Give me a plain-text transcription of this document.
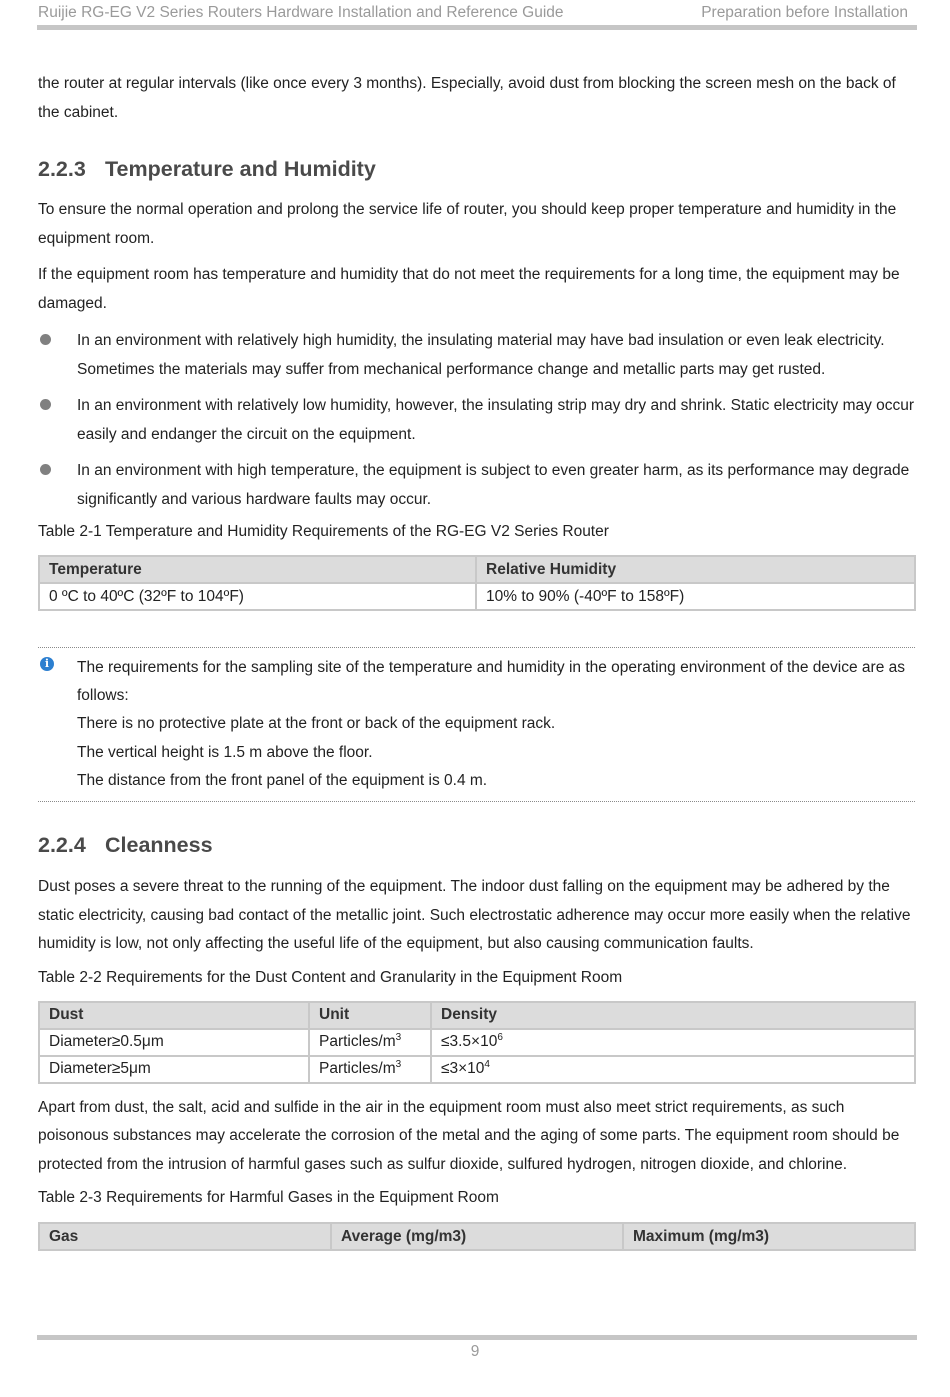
Ruijie RG-EG V2 Series Routers Hardware Installation and Reference Guide	Preparation before Installation

the router at regular intervals (like once every 3 months). Especially, avoid dust from blocking the screen mesh on the back of the cabinet.

2.2.3 Temperature and Humidity

To ensure the normal operation and prolong the service life of router, you should keep proper temperature and humidity in the equipment room.

If the equipment room has temperature and humidity that do not meet the requirements for a long time, the equipment may be damaged.

In an environment with relatively high humidity, the insulating material may have bad insulation or even leak electricity. Sometimes the materials may suffer from mechanical performance change and metallic parts may get rusted.
In an environment with relatively low humidity, however, the insulating strip may dry and shrink. Static electricity may occur easily and endanger the circuit on the equipment.
In an environment with high temperature, the equipment is subject to even greater harm, as its performance may degrade significantly and various hardware faults may occur.

Table 2-1 Temperature and Humidity Requirements of the RG-EG V2 Series Router

Temperature	Relative Humidity
0 ºC to 40ºC (32ºF to 104ºF)	10% to 90% (-40ºF to 158ºF)
i	The requirements for the sampling site of the temperature and humidity in the operating environment of the device are as follows:

There is no protective plate at the front or back of the equipment rack.

The vertical height is 1.5 m above the floor.

The distance from the front panel of the equipment is 0.4 m.

2.2.4 Cleanness

Dust poses a severe threat to the running of the equipment. The indoor dust falling on the equipment may be adhered by the static electricity, causing bad contact of the metallic joint. Such electrostatic adherence may occur more easily when the relative humidity is low, not only affecting the useful life of the equipment, but also causing communication faults.

Table 2-2 Requirements for the Dust Content and Granularity in the Equipment Room

Dust	Unit	Density
Diameter≥0.5μm	Particles/$m^3$	$\le 3.5\times 10^6$
Diameter≥5μm	Particles/$m^3$	$\le 3\times 10^4$

Apart from dust, the salt, acid and sulfide in the air in the equipment room must also meet strict requirements, as such poisonous substances may accelerate the corrosion of the metal and the aging of some parts. The equipment room should be protected from the intrusion of harmful gases such as sulfur dioxide, sulfured hydrogen, nitrogen dioxide, and chlorine.

Table 2-3 Requirements for Harmful Gases in the Equipment Room

Gas	Average (mg/m3)	Maximum (mg/m3)
9
